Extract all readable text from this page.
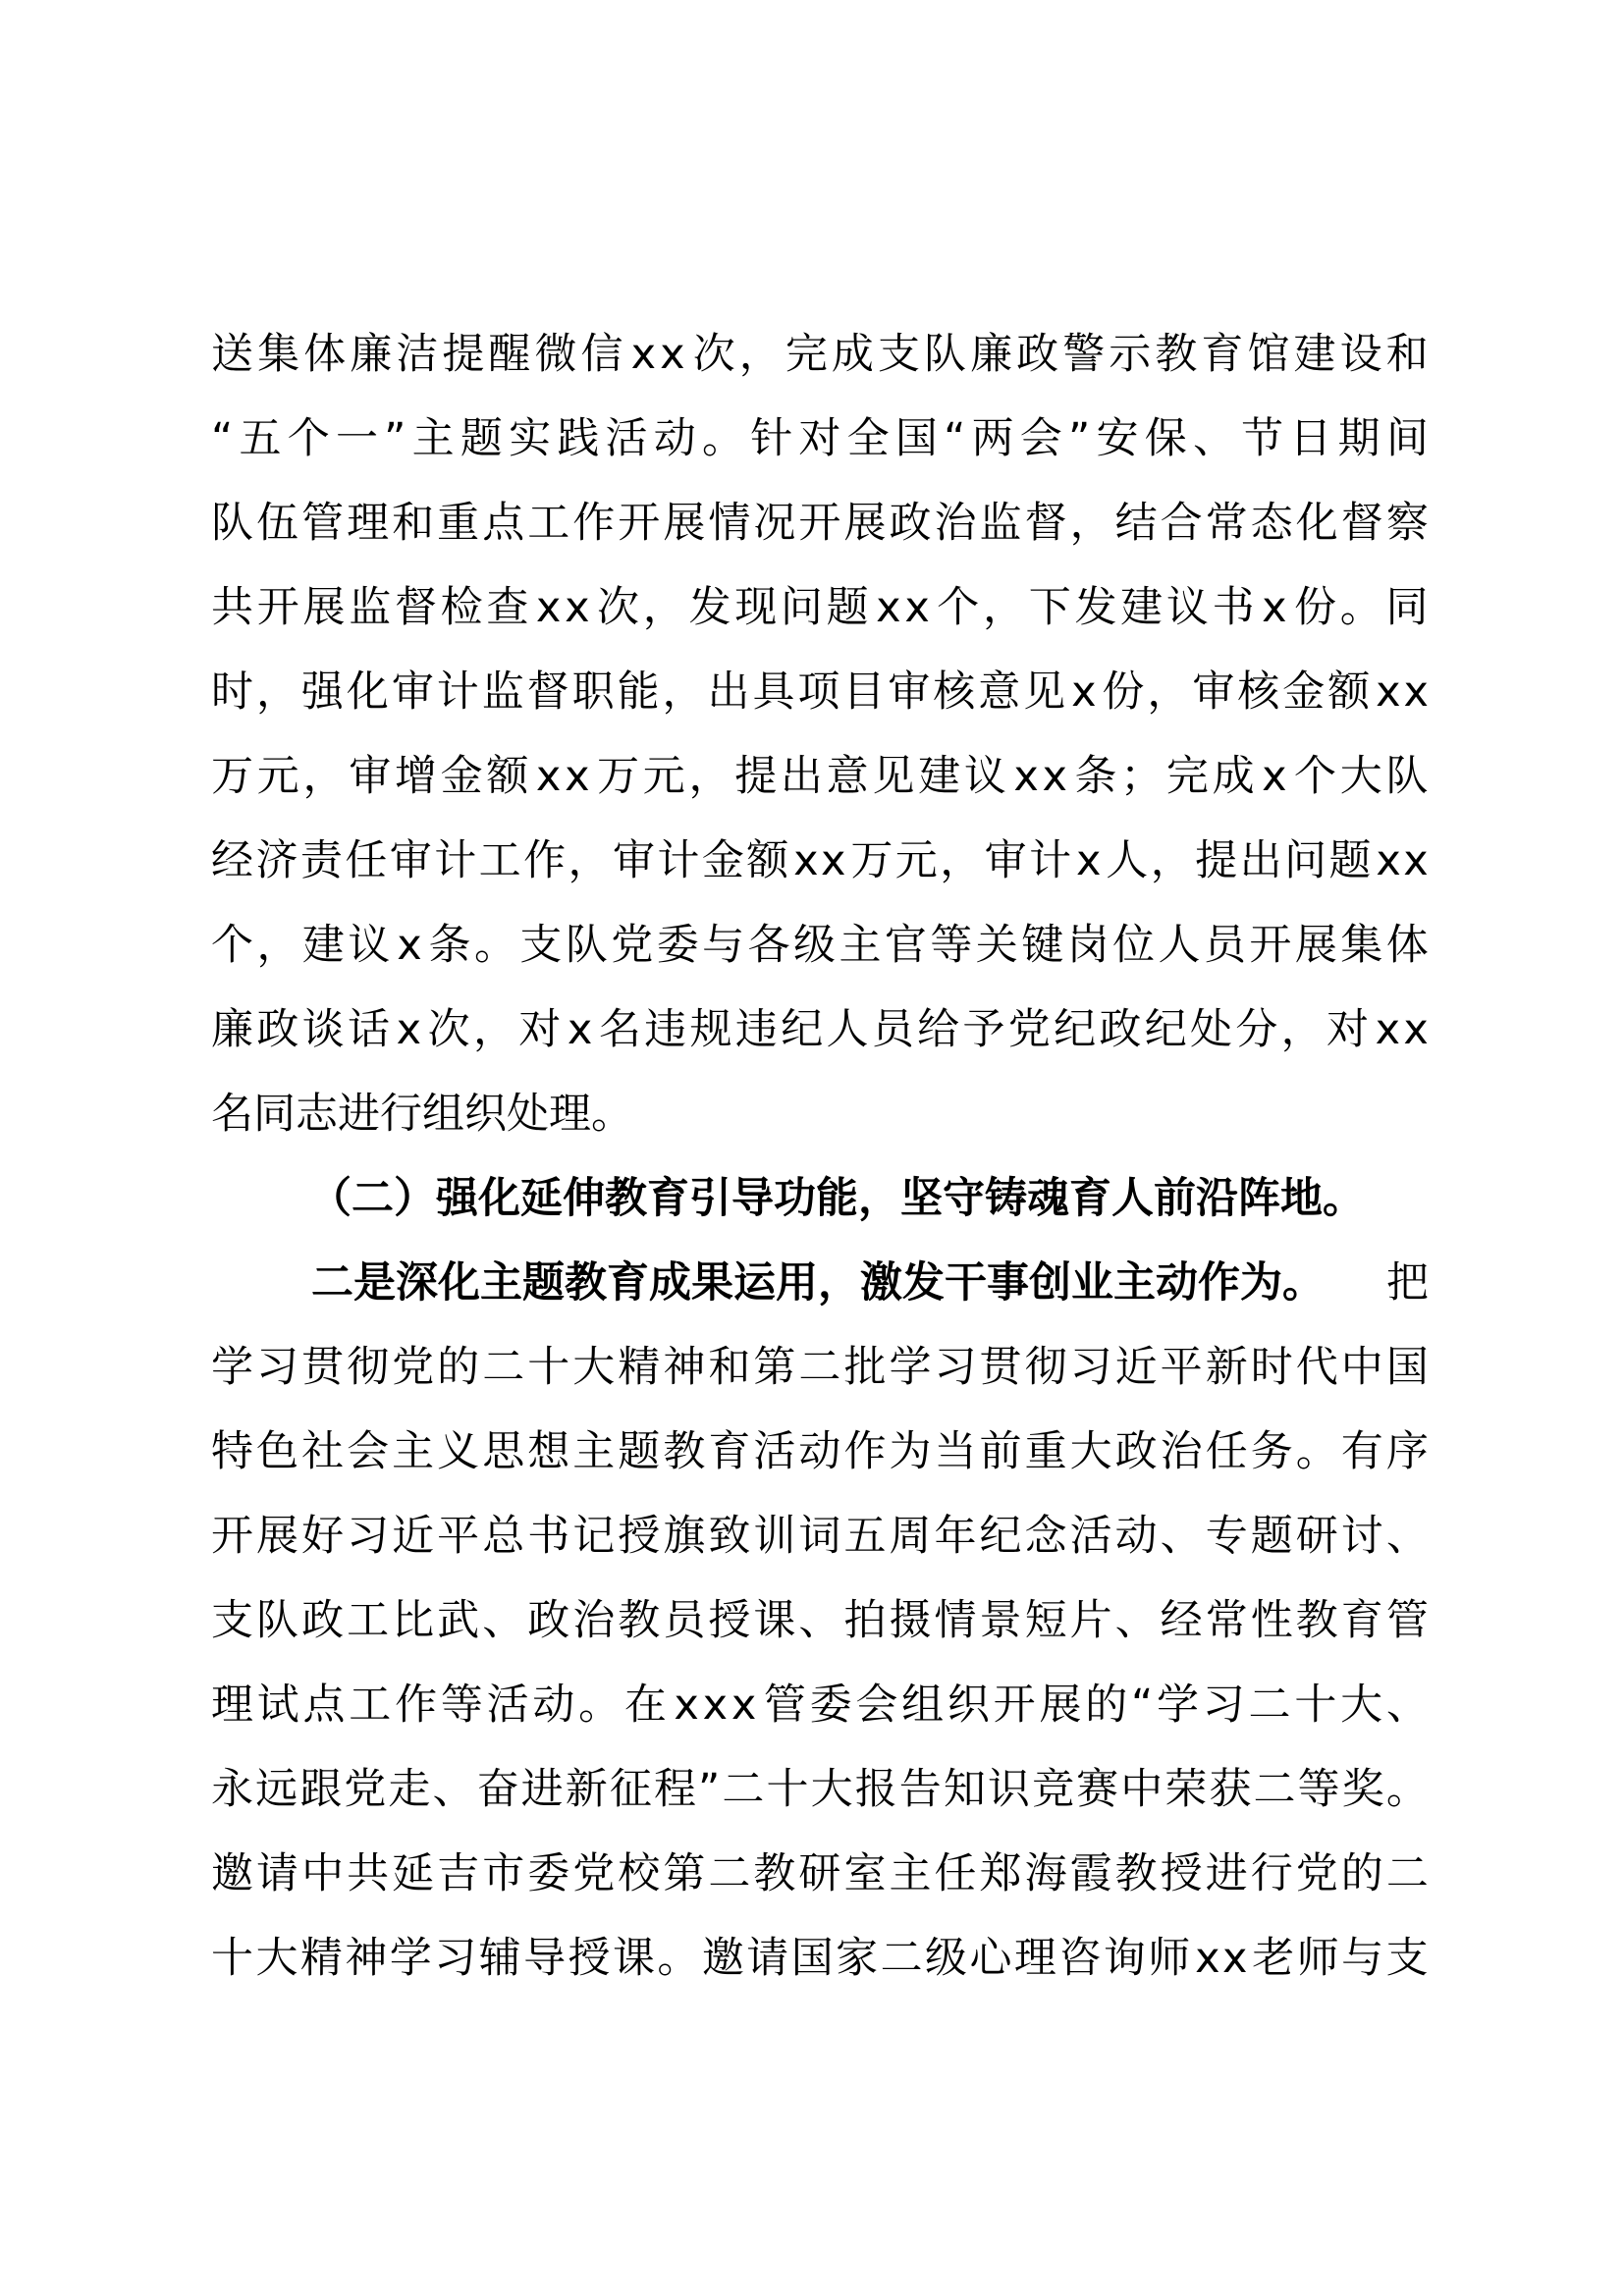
送 集 体 廉 洁 提 醒 微 信 x x 次 ， 完 成 支 队 廉 政 警 示 教 育 馆 建 设 和
“ 五 个 一 ” 主 题 实 践 活 动 。 针 对 全 国 “ 两 会 ” 安 保 、 节 日 期 间
队 伍 管 理 和 重 点 工 作 开 展 情 况 开 展 政 治 监 督 ， 结 合 常 态 化 督 察
共 开 展 监 督 检 查 x x 次 ， 发 现 问 题 x x 个 ， 下 发 建 议 书 x 份 。 同
时 ， 强 化 审 计 监 督 职 能 ， 出 具 项 目 审 核 意 见 x 份 ， 审 核 金 额 x x
万 元 ， 审 增 金 额 x x 万 元 ， 提 出 意 见 建 议 x x 条 ； 完 成 x 个 大 队
经 济 责 任 审 计 工 作 ， 审 计 金 额 x x 万 元 ， 审 计 x 人 ， 提 出 问 题 x x
个 ， 建 议 x 条 。 支 队 党 委 与 各 级 主 官 等 关 键 岗 位 人 员 开 展 集 体
廉 政 谈 话 x 次 ， 对 x 名 违 规 违 纪 人 员 给 予 党 纪 政 纪 处 分 ， 对 x x
名同志进行组织处理。
（二）强化延伸教育引导功能，坚守铸魂育人前沿阵地。
二是深化主题教育成果运用，激发干事创业主动作为。 把
学 习 贯 彻 党 的 二 十 大 精 神 和 第 二 批 学 习 贯 彻 习 近 平 新 时 代 中 国
特 色 社 会 主 义 思 想 主 题 教 育 活 动 作 为 当 前 重 大 政 治 任 务 。 有 序
开 展 好 习 近 平 总 书 记 授 旗 致 训 词 五 周 年 纪 念 活 动 、 专 题 研 讨 、
支 队 政 工 比 武 、 政 治 教 员 授 课 、 拍 摄 情 景 短 片 、 经 常 性 教 育 管
理 试 点 工 作 等 活 动 。 在 x x x 管 委 会 组 织 开 展 的 “ 学 习 二 十 大 、
永 远 跟 党 走 、 奋 进 新 征 程 ” 二 十 大 报 告 知 识 竞 赛 中 荣 获 二 等 奖 。
邀 请 中 共 延 吉 市 委 党 校 第 二 教 研 室 主 任 郑 海 霞 教 授 进 行 党 的 二
十 大 精 神 学 习 辅 导 授 课 。 邀 请 国 家 二 级 心 理 咨 询 师 x x 老 师 与 支
